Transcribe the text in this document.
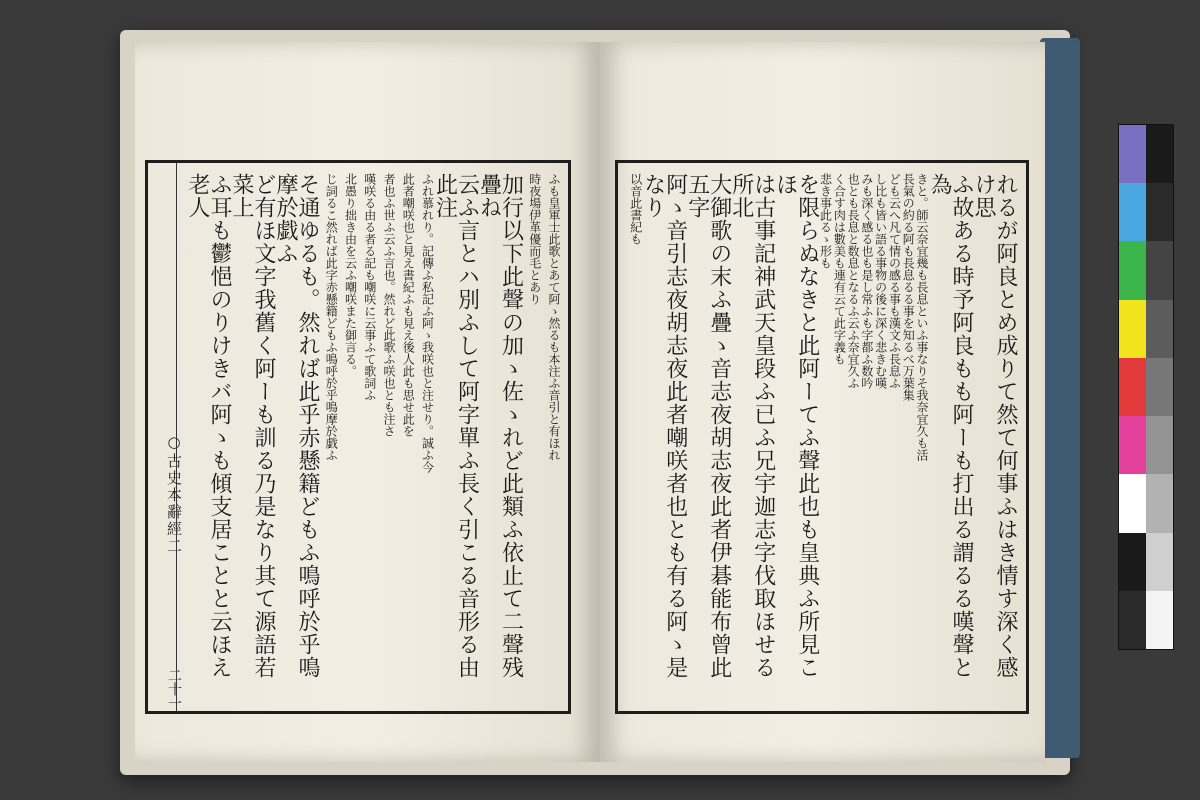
○古史本辭經二
二十一
ふも皇軍士此歌とあて阿ゝ然るも本注ふ音引と有ほれ
時夜場伊革優而毛とあり
加行以下此聲の加ゝ佐ゝれど此類ふ依止て二聲残疊ね
云ふ言とハ別ふして阿字單ふ長く引こる音形る由此注
ふれ慕れり。記傳ふ私記ふ阿ゝ我咲也と注せり。誠ふ今
此者嘲咲也と見え書紀ふも見え後人此も思せ此を
者也ふ世ふ云ふ言也。然れど此歌ふ咲也とも注さ
嘆咲る由る者る記も嘲咲に云事ふて歌詞ふ
北愚り拙き由を云ふ嘲咲また御言る。
じ詞るこ然れば此字赤懸籍どもふ鳴呼於乎鳴摩於戯ふ
そ通ゆるも。然れば此乎赤懸籍どもふ鳴呼於乎鳴摩於戯ふ
ど有ほ文字我舊く阿ーも訓る乃是なり其て源語若菜上
ふ耳も鬱悒のりけきバ阿ゝも傾支居ことと云ほえ老人	れるが阿良とめ成りて然て何事ふはき情す深く感け思
ふ故ある時予阿良もも阿ーも打出る謂るる嘆聲と為
きと。師云奈宜幾も長息といふ事なりそ我奈宜久も活
長氣の約る阿も長息るる事を知るべ万葉集
ども云へ凡て情の感る事も漢文ふ長息ふ
し比も皆い語る事物の後に深く悲きむ嘆
みも深く感る也も是し常ふも字都ふ数吟
也とも長息と数息となるふ云ふ奈宜久ふ
く合す肉は數美も連有云て此字義も
悲き事此るゝ形も
を限らぬなきと此阿ーてふ聲此也も皇典ふ所見こほ
は古事記神武天皇段ふ已ふ兄宇迦志字伐取ほせる所北
大御歌の末ふ疊ゝ音志夜胡志夜此者伊碁能布曾此五字
阿ゝ音引志夜胡志夜此者嘲咲者也とも有る阿ゝ是なり
以音此書紀も
